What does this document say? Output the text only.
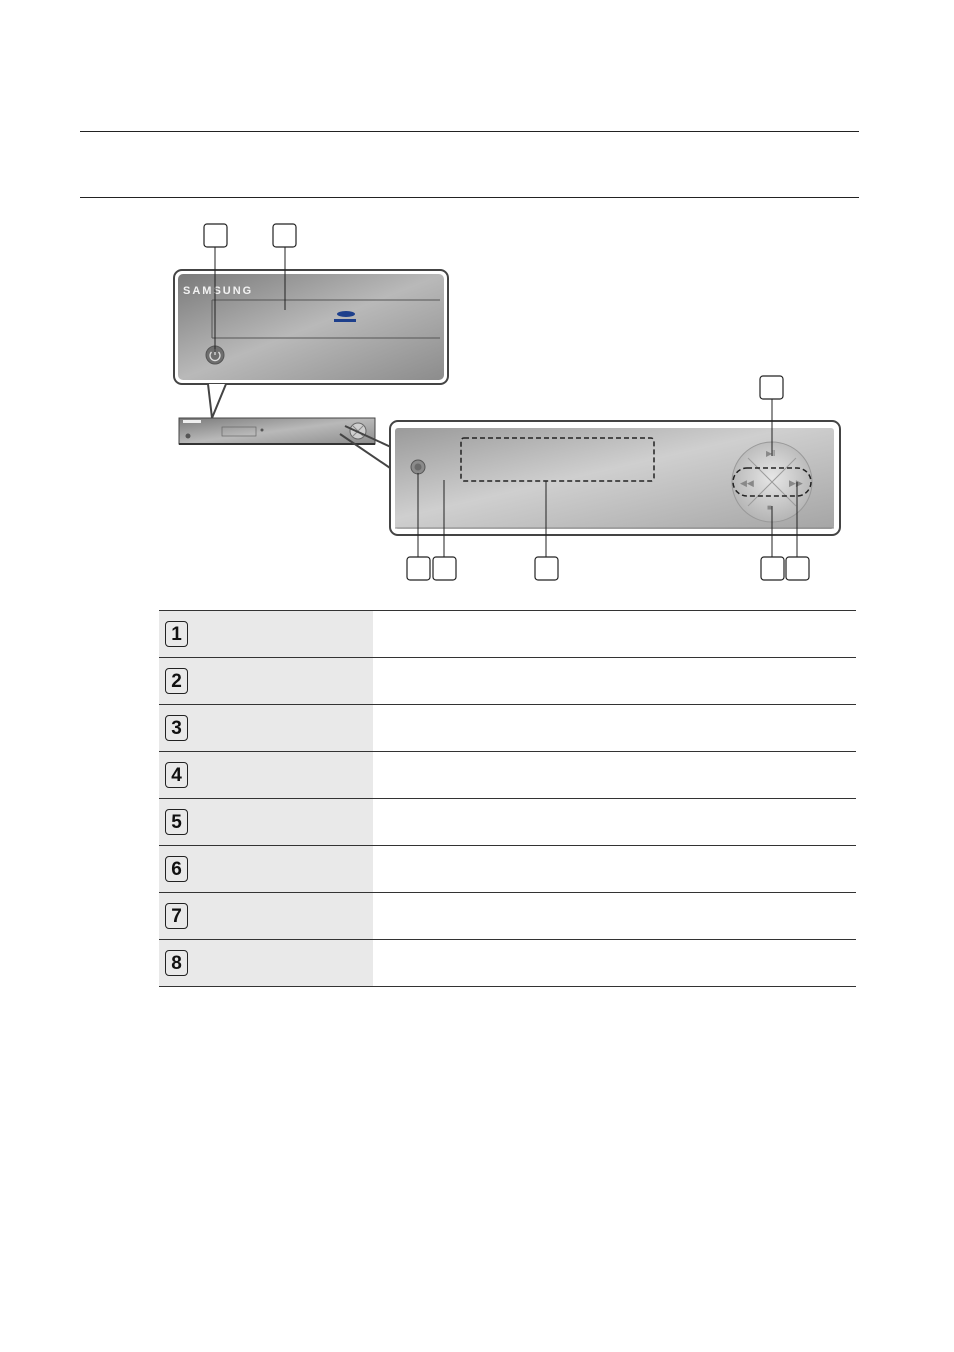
SAMSUNG
▶‖
◀◀	▶▶
■
1	
2	
3	
4	
5	
6	
7	
8	
